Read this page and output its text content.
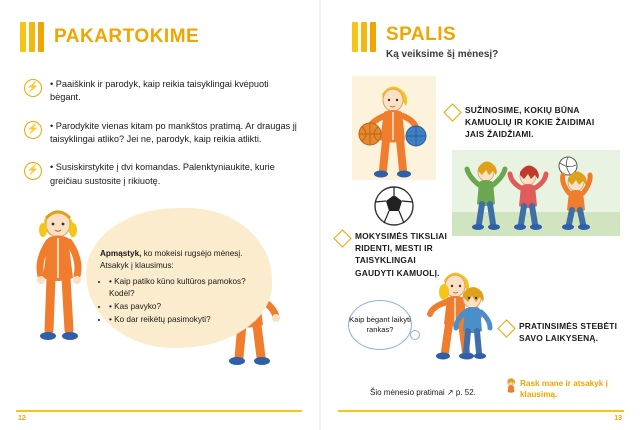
PAKARTOKIME
⚡	• Paaiškink ir parodyk, kaip reikia taisyklingai kvėpuoti bėgant.
⚡	• Parodykite vienas kitam po mankštos pratimą. Ar draugas jį taisyklingai atliko? Jei ne, parodyk, kaip reikia atlikti.
⚡	• Susiskirstykite į dvi komandas. Palenktyniaukite, kurie greičiau sustosite į rikiuotę.
Apmąstyk, ko mokeisi rugsėjo mėnesį. Atsakyk į klausimus:
• • Kaip patiko kūno kultūros pamokos? Kodėl?
• • Kas pavyko?
• • Ko dar reikėtų pasimokyti?
SPALIS
Ką veiksime šį mėnesį?
SUŽINOSIME, KOKIŲ BŪNA KAMUOLIŲ IR KOKIE ŽAIDIMAI JAIS ŽAIDŽIAMI.
MOKYSIMĖS TIKSLIAI RIDENTI, MESTI IR TAISYKLINGAI GAUDYTI KAMUOLĮ.
PRATINSIMĖS STEBĖTI SAVO LAIKYSENĄ.
Kaip bėgant laikyti rankas?
Šio mėnesio pratimai ↗ p. 52.
Rask mane ir atsakyk į klausimą.
12	13
